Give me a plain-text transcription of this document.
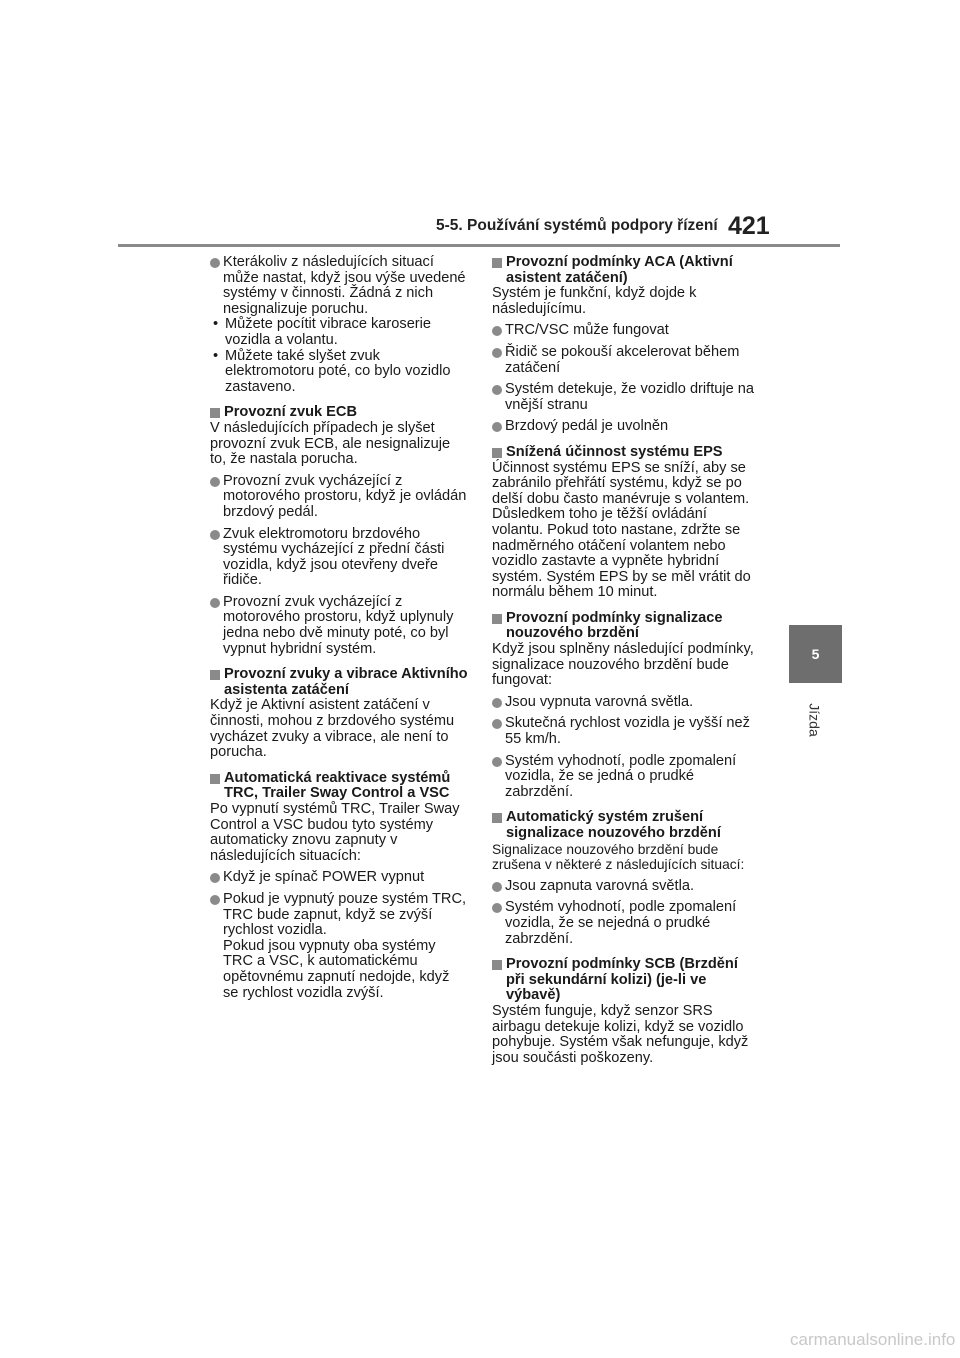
5-5. Používání systémů podpory řízení 421
5
Jízda
Kterákoliv z následujících situací může nastat, když jsou výše uvedené systémy v činnosti. Žádná z nich nesignalizuje poruchu.
• Můžete pocítit vibrace karoserie vozidla a volantu.
• Můžete také slyšet zvuk elektromotoru poté, co bylo vozidlo zastaveno.
Provozní zvuk ECB
V následujících případech je slyšet provozní zvuk ECB, ale nesignalizuje to, že nastala porucha.
Provozní zvuk vycházející z motorového prostoru, když je ovládán brzdový pedál.
Zvuk elektromotoru brzdového systému vycházející z přední části vozidla, když jsou otevřeny dveře řidiče.
Provozní zvuk vycházející z motorového prostoru, když uplynuly jedna nebo dvě minuty poté, co byl vypnut hybridní systém.
Provozní zvuky a vibrace Aktivního asistenta zatáčení
Když je Aktivní asistent zatáčení v činnosti, mohou z brzdového systému vycházet zvuky a vibrace, ale není to porucha.
Automatická reaktivace systémů TRC, Trailer Sway Control a VSC
Po vypnutí systémů TRC, Trailer Sway Control a VSC budou tyto systémy automaticky znovu zapnuty v následujících situacích:
Když je spínač POWER vypnut
Pokud je vypnutý pouze systém TRC, TRC bude zapnut, když se zvýší rychlost vozidla.
Pokud jsou vypnuty oba systémy TRC a VSC, k automatickému opětovnému zapnutí nedojde, když se rychlost vozidla zvýší.
Provozní podmínky ACA (Aktivní asistent zatáčení)
Systém je funkční, když dojde k následujícímu.
TRC/VSC může fungovat
Řidič se pokouší akcelerovat během zatáčení
Systém detekuje, že vozidlo driftuje na vnější stranu
Brzdový pedál je uvolněn
Snížená účinnost systému EPS
Účinnost systému EPS se sníží, aby se zabránilo přehřátí systému, když se po delší dobu často manévruje s volantem. Důsledkem toho je těžší ovládání volantu. Pokud toto nastane, zdržte se nadměrného otáčení volantem nebo vozidlo zastavte a vypněte hybridní systém. Systém EPS by se měl vrátit do normálu během 10 minut.
Provozní podmínky signalizace nouzového brzdění
Když jsou splněny následující podmínky, signalizace nouzového brzdění bude fungovat:
Jsou vypnuta varovná světla.
Skutečná rychlost vozidla je vyšší než 55 km/h.
Systém vyhodnotí, podle zpomalení vozidla, že se jedná o prudké zabrzdění.
Automatický systém zrušení signalizace nouzového brzdění
Signalizace nouzového brzdění bude zrušena v některé z následujících situací:
Jsou zapnuta varovná světla.
Systém vyhodnotí, podle zpomalení vozidla, že se nejedná o prudké zabrzdění.
Provozní podmínky SCB (Brzdění při sekundární kolizi) (je-li ve výbavě)
Systém funguje, když senzor SRS airbagu detekuje kolizi, když se vozidlo pohybuje. Systém však nefunguje, když jsou součásti poškozeny.
carmanualsonline.info
